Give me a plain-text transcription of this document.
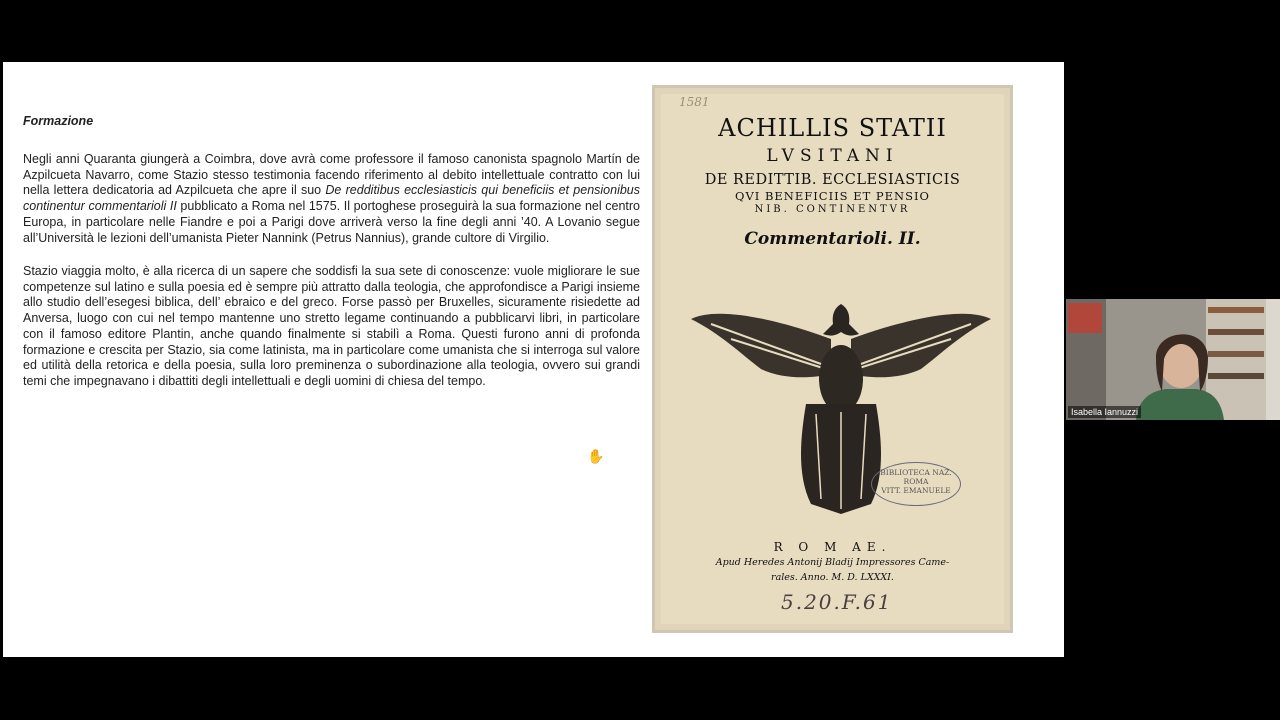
Formazione

Negli anni Quaranta giungerà a Coimbra, dove avrà come professore il famoso canonista spagnolo Martín de Azpilcueta Navarro, come Stazio stesso testimonia facendo riferimento al debito intellettuale contratto con lui nella lettera dedicatoria ad Azpilcueta che apre il suo De redditibus ecclesiasticis qui beneficiis et pensionibus continentur commentarioli II pubblicato a Roma nel 1575. Il portoghese proseguirà la sua formazione nel centro Europa, in particolare nelle Fiandre e poi a Parigi dove arriverà verso la fine degli anni ’40. A Lovanio segue all’Università le lezioni dell’umanista Pieter Nannink (Petrus Nannius), grande cultore di Virgilio.

Stazio viaggia molto, è alla ricerca di un sapere che soddisfi la sua sete di conoscenze: vuole migliorare le sue competenze sul latino e sulla poesia ed è sempre più attratto dalla teologia, che approfondisce a Parigi insieme allo studio dell’esegesi biblica, dell’ ebraico e del greco. Forse passò per Bruxelles, sicuramente risiedette ad Anversa, luogo con cui nel tempo mantenne uno stretto legame continuando a pubblicarvi libri, in particolare con il famoso editore Plantin, anche quando finalmente si stabilì a Roma. Questi furono anni di profonda formazione e crescita per Stazio, sia come latinista, ma in particolare come umanista che si interroga sul valore ed utilità della retorica e della poesia, sulla loro preminenza o subordinazione alla teologia, ovvero sui grandi temi che impegnavano i dibattiti degli intellettuali e degli uomini di chiesa del tempo.

✋
1581
ACHILLIS STATII
LVSITANI
DE REDITTIB. ECCLESIASTICIS
QVI BENEFICIIS ET PENSIO
NIB. CONTINENTVR
Commentarioli. II.
BIBLIOTECA NAZ.
ROMA
VITT. EMANUELE
R O M AE.
Apud Heredes Antonij Bladij Impressores Came-
rales. Anno. M. D. LXXXI.
5.20.F.61
Isabella Iannuzzi
